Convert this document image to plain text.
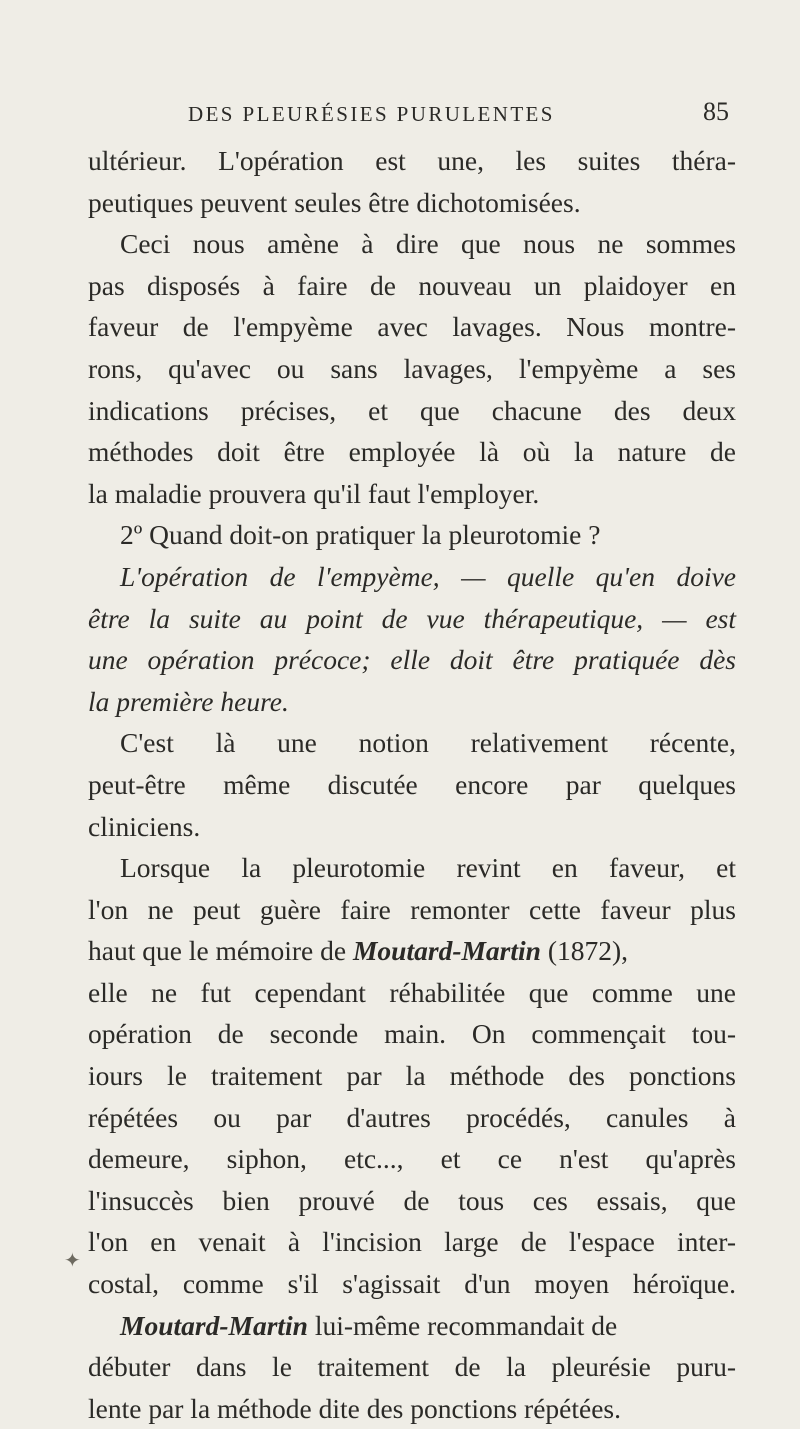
DES PLEURÉSIES PURULENTES	85
ultérieur. L'opération est une, les suites théra-
peutiques peuvent seules être dichotomisées.
Ceci nous amène à dire que nous ne sommes
pas disposés à faire de nouveau un plaidoyer en
faveur de l'empyème avec lavages. Nous montre-
rons, qu'avec ou sans lavages, l'empyème a ses
indications précises, et que chacune des deux
méthodes doit être employée là où la nature de
la maladie prouvera qu'il faut l'employer.
2º Quand doit-on pratiquer la pleurotomie ?
L'opération de l'empyème, — quelle qu'en doive
être la suite au point de vue thérapeutique, — est
une opération précoce; elle doit être pratiquée dès
la première heure.
C'est là une notion relativement récente,
peut-être même discutée encore par quelques
cliniciens.
Lorsque la pleurotomie revint en faveur, et
l'on ne peut guère faire remonter cette faveur plus
haut que le mémoire de Moutard-Martin (1872),
elle ne fut cependant réhabilitée que comme une
opération de seconde main. On commençait tou-
iours le traitement par la méthode des ponctions
répétées ou par d'autres procédés, canules à
demeure, siphon, etc..., et ce n'est qu'après
l'insuccès bien prouvé de tous ces essais, que
l'on en venait à l'incision large de l'espace inter-
costal, comme s'il s'agissait d'un moyen héroïque.
Moutard-Martin lui-même recommandait de
débuter dans le traitement de la pleurésie puru-
lente par la méthode dite des ponctions répétées.
✦
